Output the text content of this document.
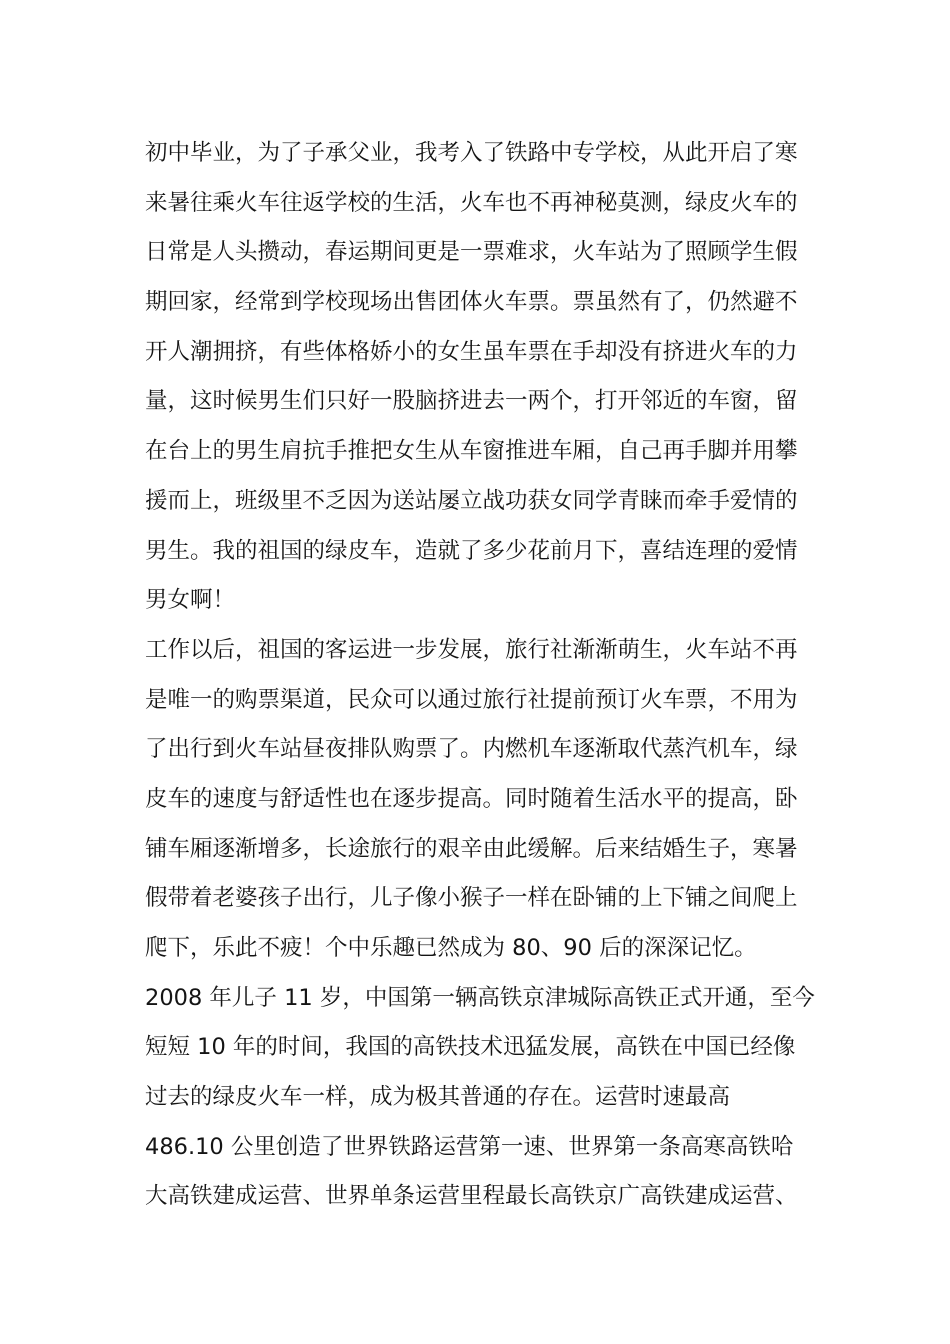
初中毕业，为了子承父业，我考入了铁路中专学校，从此开启了寒
来暑往乘火车往返学校的生活，火车也不再神秘莫测，绿皮火车的
日常是人头攒动，春运期间更是一票难求，火车站为了照顾学生假
期回家，经常到学校现场出售团体火车票。票虽然有了，仍然避不
开人潮拥挤，有些体格娇小的女生虽车票在手却没有挤进火车的力
量，这时候男生们只好一股脑挤进去一两个，打开邻近的车窗，留
在台上的男生肩抗手推把女生从车窗推进车厢，自己再手脚并用攀
援而上，班级里不乏因为送站屡立战功获女同学青睐而牵手爱情的
男生。我的祖国的绿皮车，造就了多少花前月下，喜结连理的爱情
男女啊！
工作以后，祖国的客运进一步发展，旅行社渐渐萌生，火车站不再
是唯一的购票渠道，民众可以通过旅行社提前预订火车票，不用为
了出行到火车站昼夜排队购票了。内燃机车逐渐取代蒸汽机车，绿
皮车的速度与舒适性也在逐步提高。同时随着生活水平的提高，卧
铺车厢逐渐增多，长途旅行的艰辛由此缓解。后来结婚生子，寒暑
假带着老婆孩子出行，儿子像小猴子一样在卧铺的上下铺之间爬上
爬下，乐此不疲！个中乐趣已然成为 80、90 后的深深记忆。
2008 年儿子 11 岁，中国第一辆高铁京津城际高铁正式开通，至今
短短 10 年的时间，我国的高铁技术迅猛发展，高铁在中国已经像
过去的绿皮火车一样，成为极其普通的存在。运营时速最高
486.10 公里创造了世界铁路运营第一速、世界第一条高寒高铁哈
大高铁建成运营、世界单条运营里程最长高铁京广高铁建成运营、
